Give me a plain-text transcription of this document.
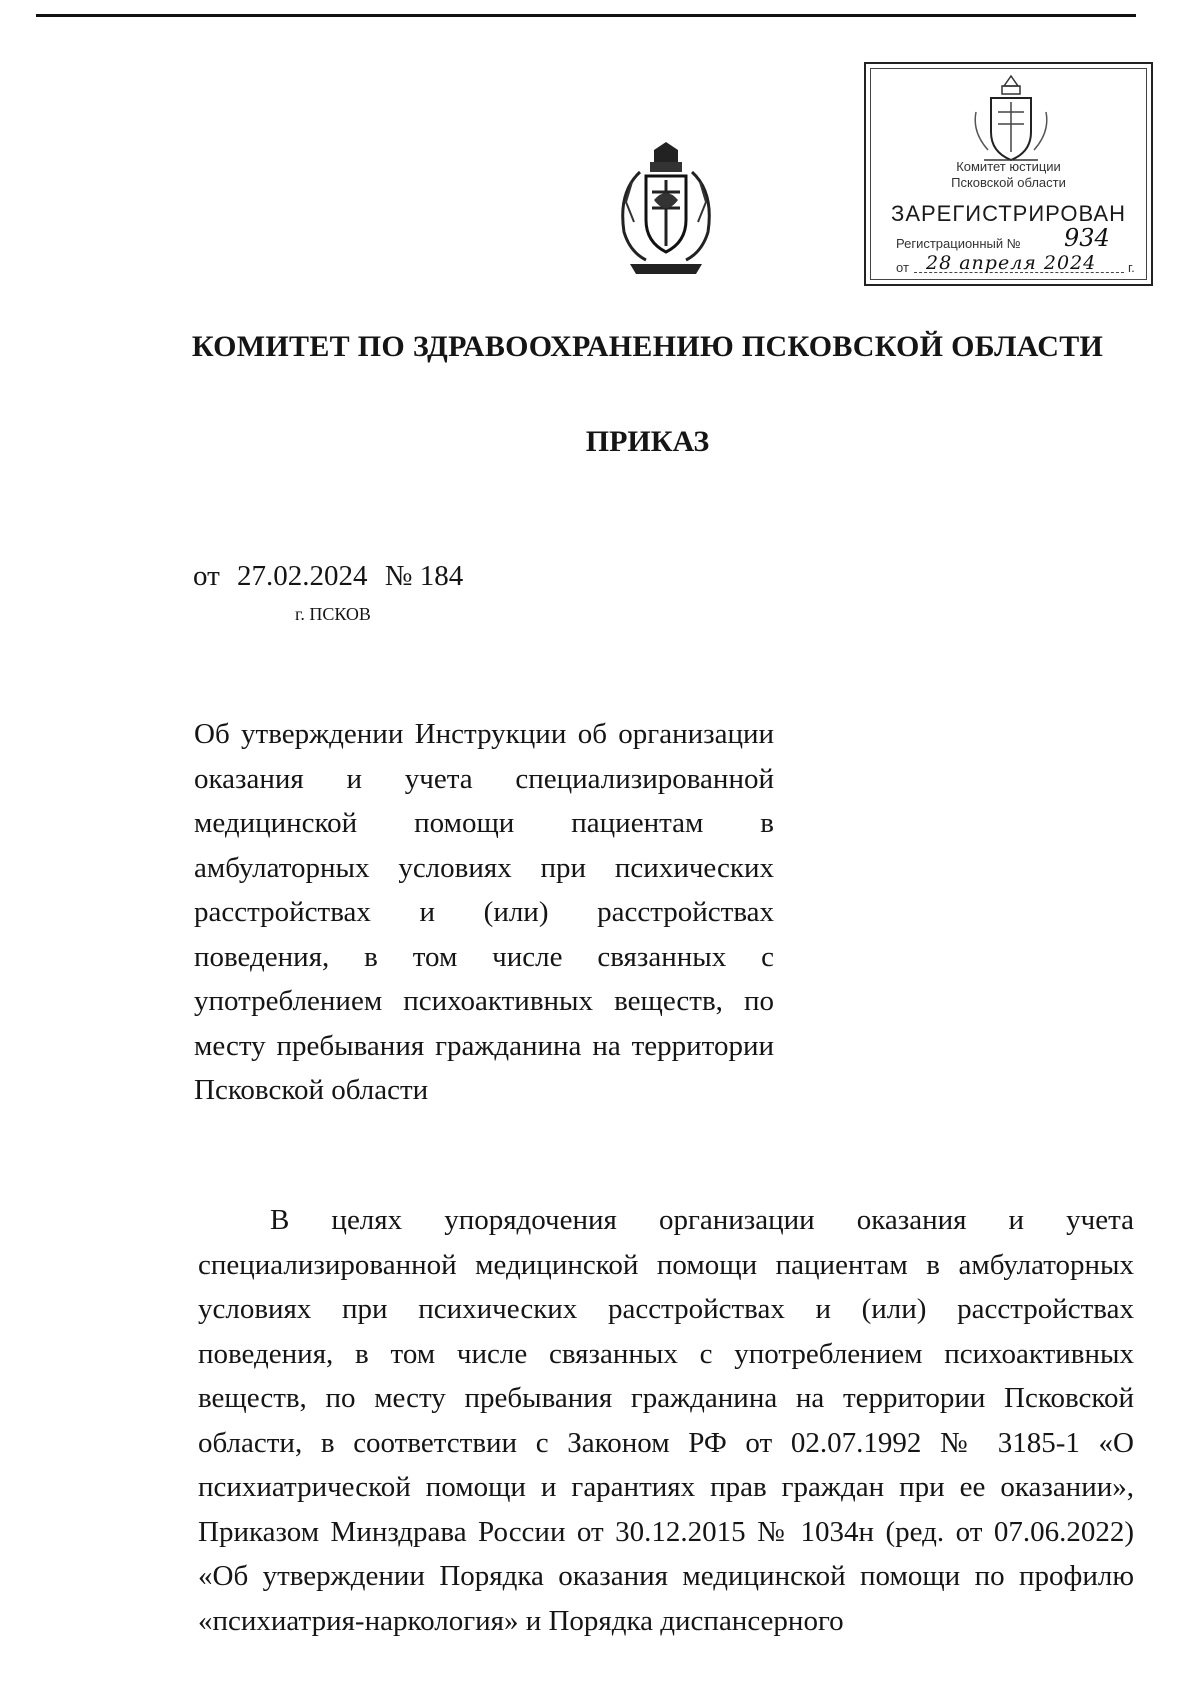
Комитет юстиции
Псковской области
ЗАРЕГИСТРИРОВАН
Регистрационный № 934
от 28 апреля 2024 г.
КОМИТЕТ ПО ЗДРАВООХРАНЕНИЮ ПСКОВСКОЙ ОБЛАСТИ
ПРИКАЗ
от 27.02.2024 № 184
г. ПСКОВ
Об утверждении Инструкции об организации оказания и учета специализированной медицинской помощи пациентам в амбулаторных условиях при психических расстройствах и (или) расстройствах поведения, в том числе связанных с употреблением психоактивных веществ, по месту пребывания гражданина на территории Псковской области
В целях упорядочения организации оказания и учета специализированной медицинской помощи пациентам в амбулаторных условиях при психических расстройствах и (или) расстройствах поведения, в том числе связанных с употреблением психоактивных веществ, по месту пребывания гражданина на территории Псковской области, в соответствии с Законом РФ от 02.07.1992 № 3185-1 «О психиатрической помощи и гарантиях прав граждан при ее оказании», Приказом Минздрава России от 30.12.2015 № 1034н (ред. от 07.06.2022) «Об утверждении Порядка оказания медицинской помощи по профилю «психиатрия-наркология» и Порядка диспансерного
